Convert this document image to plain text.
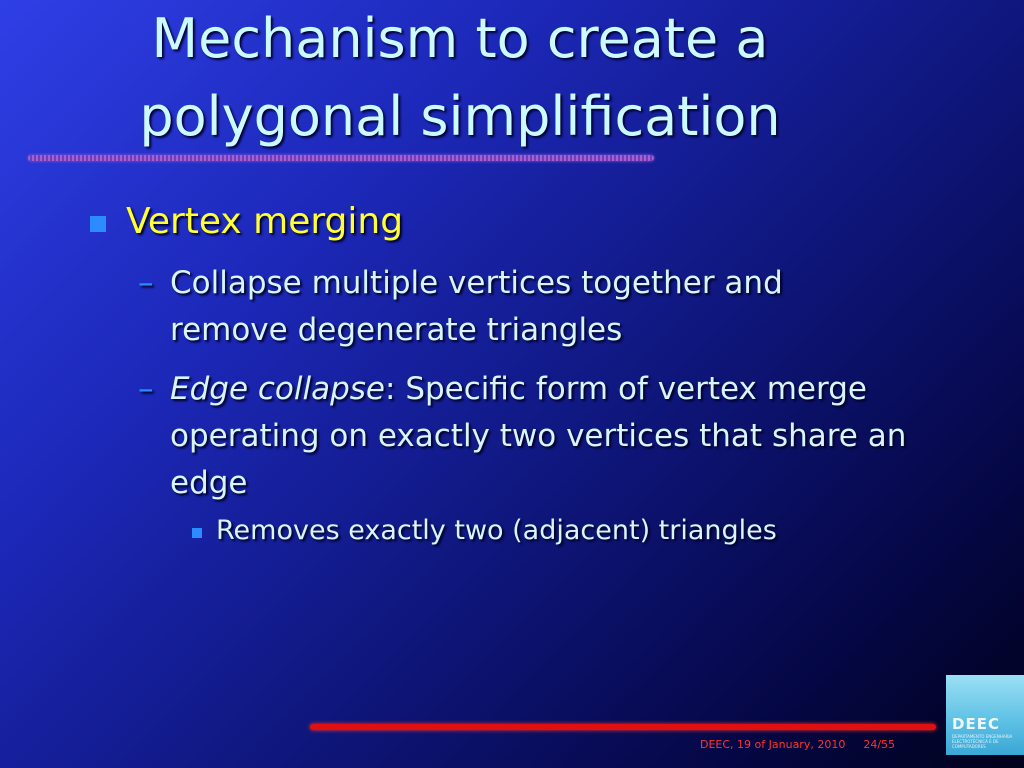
Mechanism to create a
polygonal simplification
Vertex merging
– Collapse multiple vertices together and remove degenerate triangles
– Edge collapse: Specific form of vertex merge operating on exactly two vertices that share an edge
Removes exactly two (adjacent) triangles
DEEC, 19 of January, 2010 24/55
DEEC
DEPARTAMENTO ENGENHARIA ELECTROTÉCNICA E DE COMPUTADORES
